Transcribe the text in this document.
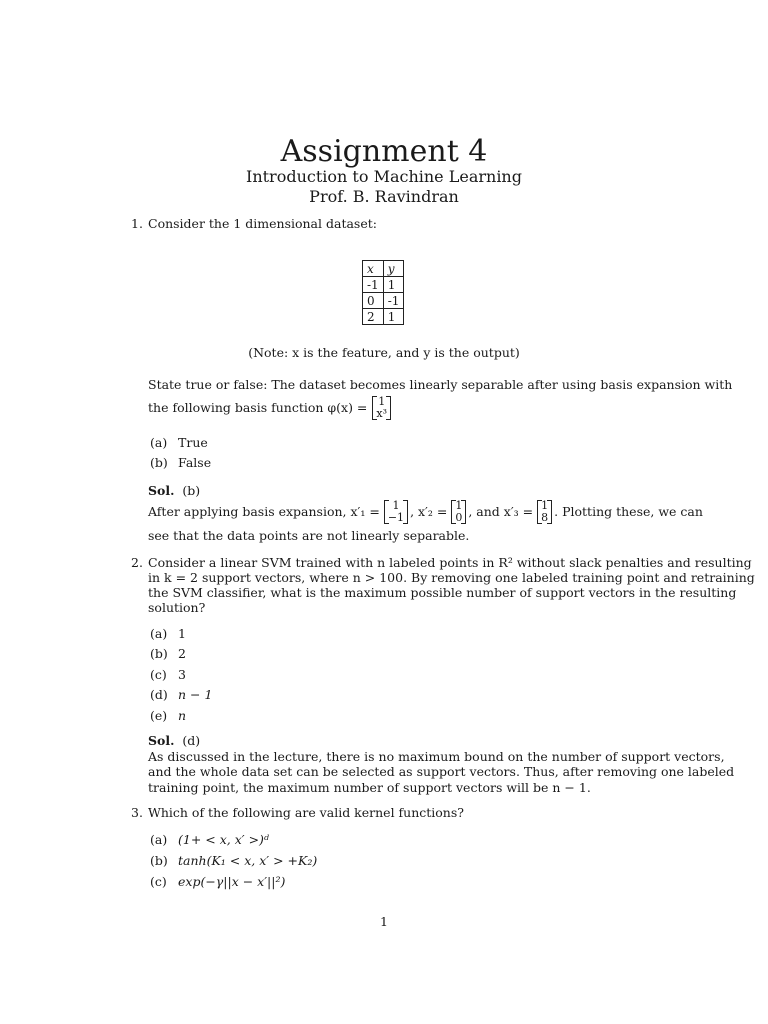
Assignment 4
Introduction to Machine Learning
Prof. B. Ravindran
1. Consider the 1 dimensional dataset:
x	y
-1	1
0	-1
2	1
(Note: x is the feature, and y is the output)
State true or false: The dataset becomes linearly separable after using basis expansion with
the following basis function φ(x) = 1
x³
(a) True
(b) False
Sol. (b)
After applying basis expansion, x′₁ = 1
−1 , x′₂ = 1
0 , and x′₃ = 1
8 . Plotting these, we can
see that the data points are not linearly separable.
2. Consider a linear SVM trained with n labeled points in R² without slack penalties and resulting
in k = 2 support vectors, where n > 100. By removing one labeled training point and retraining
the SVM classifier, what is the maximum possible number of support vectors in the resulting
solution?
(a) 1
(b) 2
(c) 3
(d) n − 1
(e) n
Sol. (d)
As discussed in the lecture, there is no maximum bound on the number of support vectors,
and the whole data set can be selected as support vectors. Thus, after removing one labeled
training point, the maximum number of support vectors will be n − 1.
3. Which of the following are valid kernel functions?
(a) (1+ < x, x′ >)ᵈ
(b) tanh(K₁ < x, x′ > +K₂)
(c) exp(−γ||x − x′||²)
1
